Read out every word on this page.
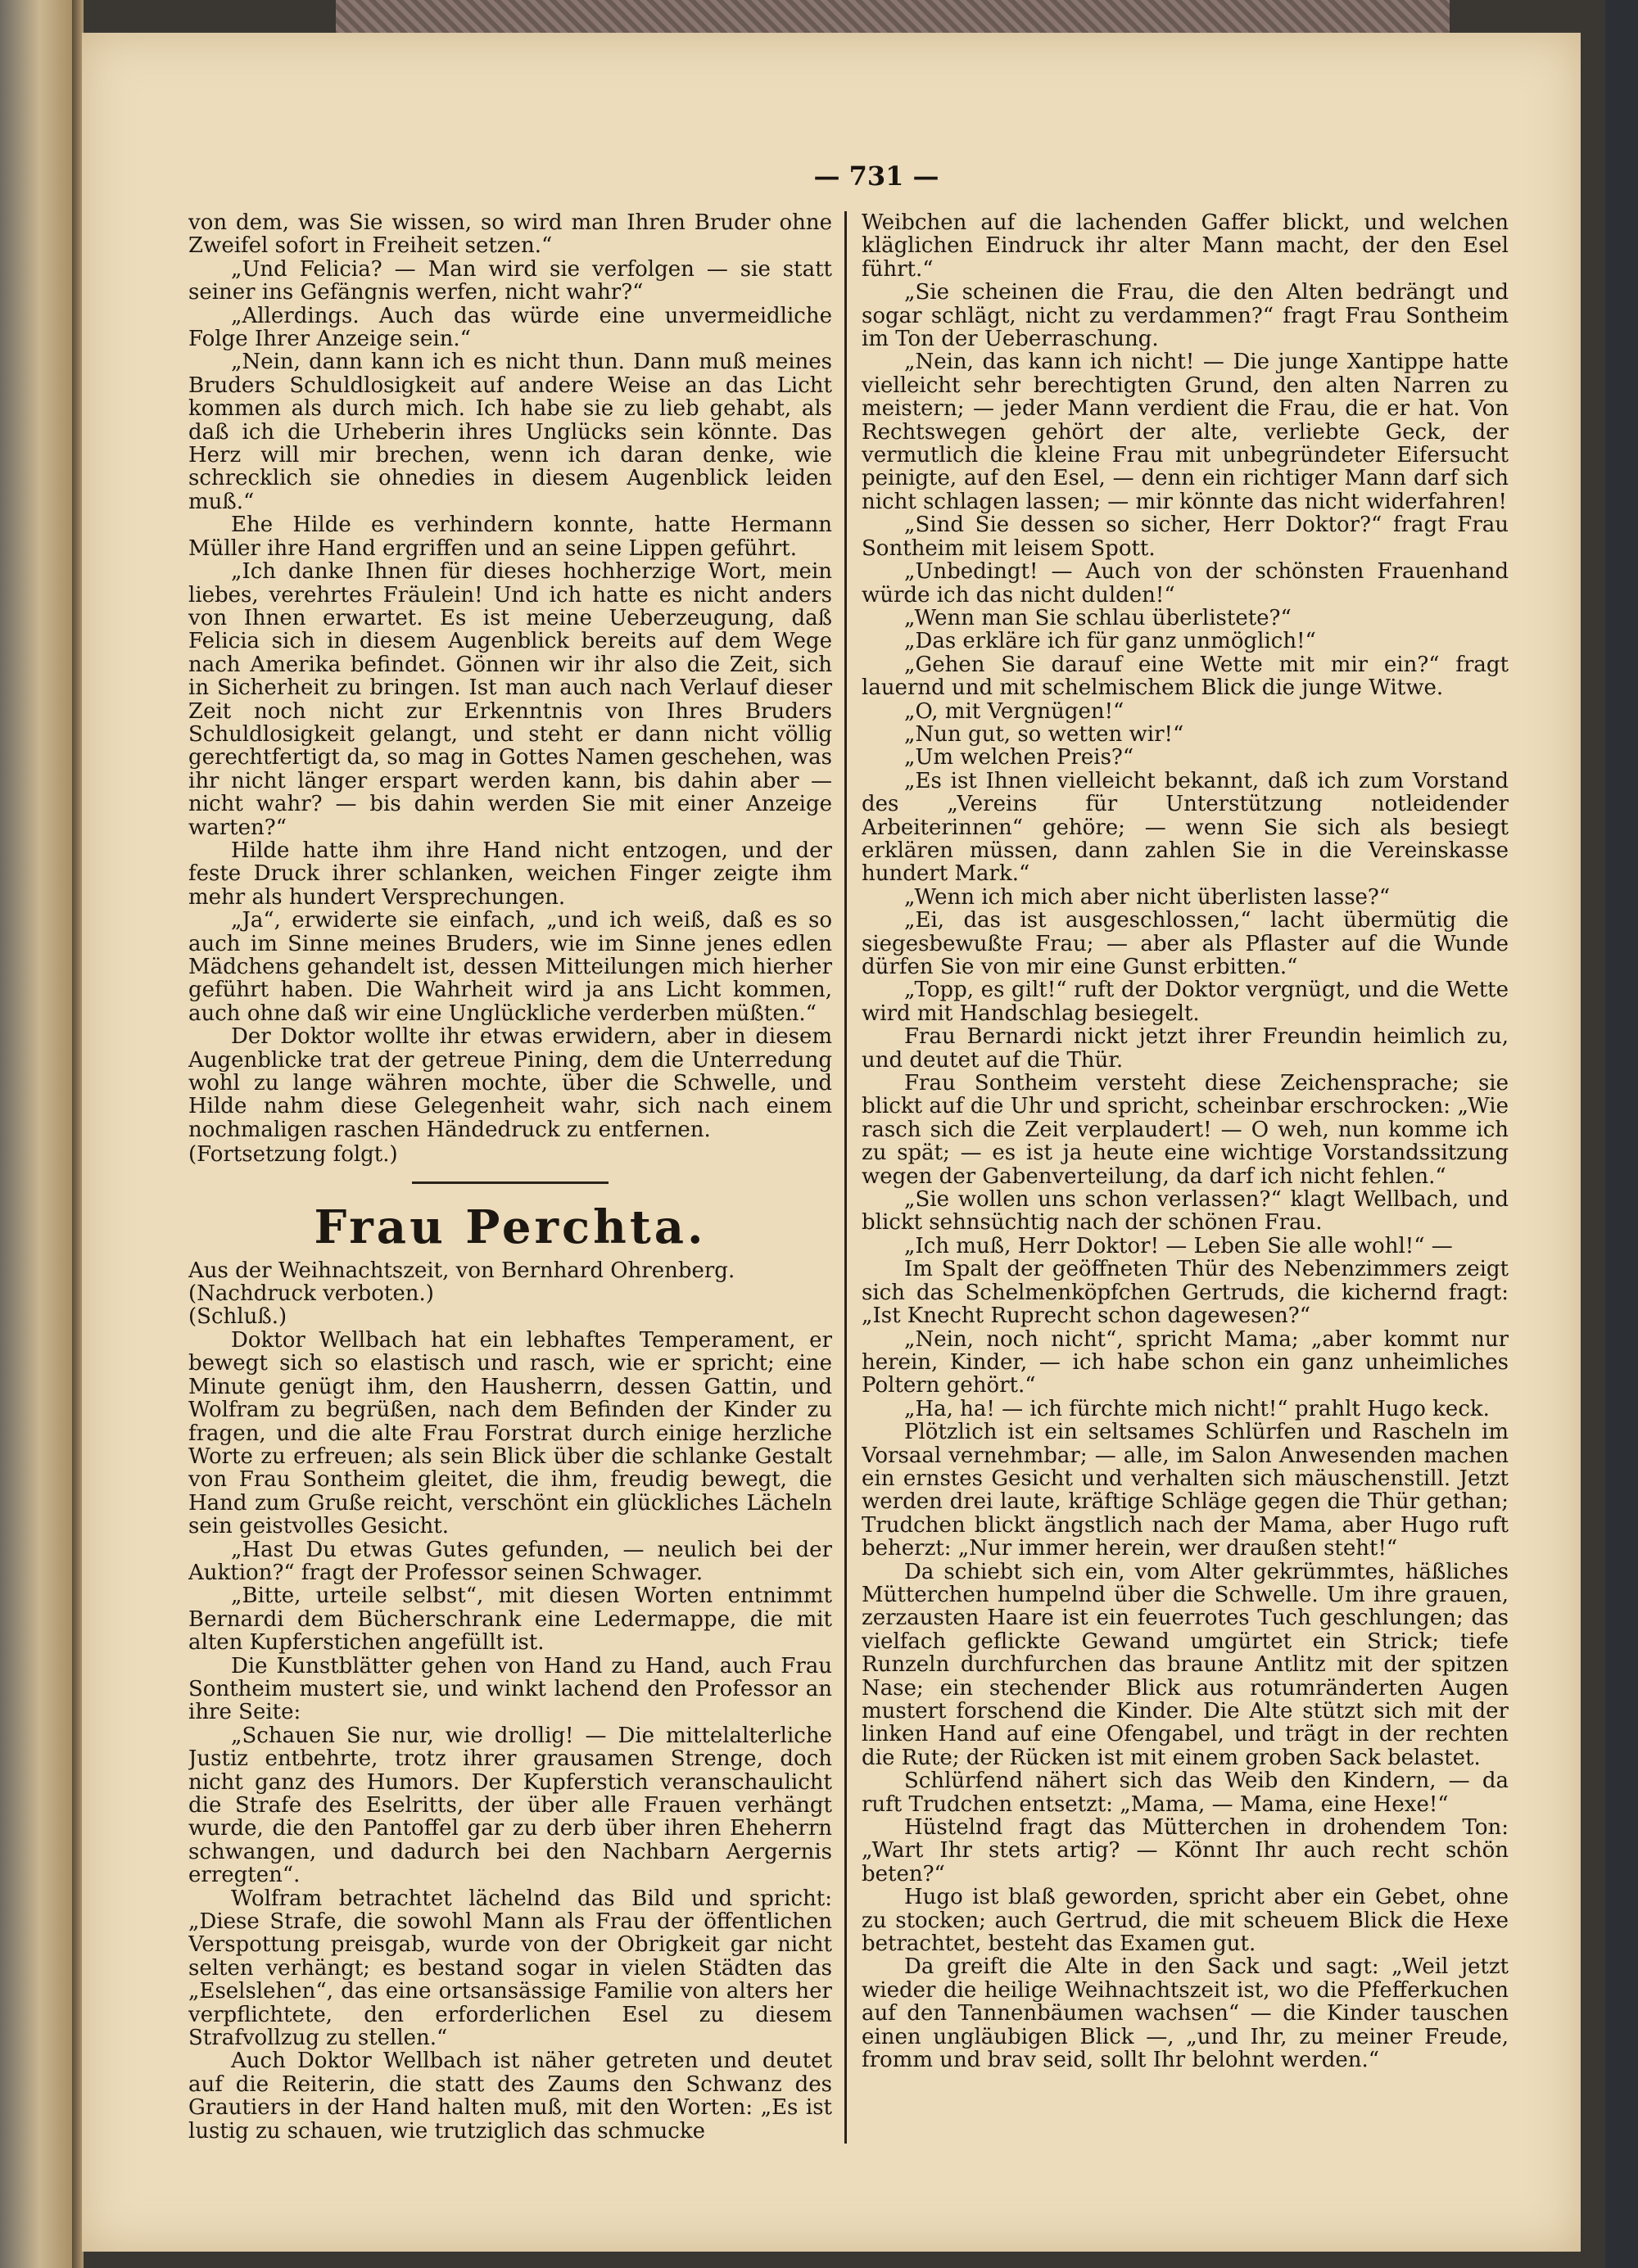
— 731 —

von dem, was Sie wissen, so wird man Ihren Bruder ohne Zweifel sofort in Freiheit setzen.“

„Und Felicia? — Man wird sie verfolgen — sie statt seiner ins Gefängnis werfen, nicht wahr?“

„Allerdings. Auch das würde eine unvermeidliche Folge Ihrer Anzeige sein.“

„Nein, dann kann ich es nicht thun. Dann muß meines Bruders Schuldlosigkeit auf andere Weise an das Licht kommen als durch mich. Ich habe sie zu lieb gehabt, als daß ich die Urheberin ihres Unglücks sein könnte. Das Herz will mir brechen, wenn ich daran denke, wie schrecklich sie ohnedies in diesem Augenblick leiden muß.“

Ehe Hilde es verhindern konnte, hatte Hermann Müller ihre Hand ergriffen und an seine Lippen geführt.

„Ich danke Ihnen für dieses hochherzige Wort, mein liebes, verehrtes Fräulein! Und ich hatte es nicht anders von Ihnen erwartet. Es ist meine Ueberzeugung, daß Felicia sich in diesem Augenblick bereits auf dem Wege nach Amerika befindet. Gönnen wir ihr also die Zeit, sich in Sicherheit zu bringen. Ist man auch nach Verlauf dieser Zeit noch nicht zur Erkenntnis von Ihres Bruders Schuldlosigkeit gelangt, und steht er dann nicht völlig gerechtfertigt da, so mag in Gottes Namen geschehen, was ihr nicht länger erspart werden kann, bis dahin aber — nicht wahr? — bis dahin werden Sie mit einer Anzeige warten?“

Hilde hatte ihm ihre Hand nicht entzogen, und der feste Druck ihrer schlanken, weichen Finger zeigte ihm mehr als hundert Versprechungen.

„Ja“, erwiderte sie einfach, „und ich weiß, daß es so auch im Sinne meines Bruders, wie im Sinne jenes edlen Mädchens gehandelt ist, dessen Mitteilungen mich hierher geführt haben. Die Wahrheit wird ja ans Licht kommen, auch ohne daß wir eine Unglückliche verderben müßten.“

Der Doktor wollte ihr etwas erwidern, aber in diesem Augenblicke trat der getreue Pining, dem die Unterredung wohl zu lange währen mochte, über die Schwelle, und Hilde nahm diese Gelegenheit wahr, sich nach einem nochmaligen raschen Händedruck zu entfernen.

(Fortsetzung folgt.)

Frau Perchta.

Aus der Weihnachtszeit, von Bernhard Ohrenberg.

(Nachdruck verboten.)

(Schluß.)

Doktor Wellbach hat ein lebhaftes Temperament, er bewegt sich so elastisch und rasch, wie er spricht; eine Minute genügt ihm, den Hausherrn, dessen Gattin, und Wolfram zu begrüßen, nach dem Befinden der Kinder zu fragen, und die alte Frau Forstrat durch einige herzliche Worte zu erfreuen; als sein Blick über die schlanke Gestalt von Frau Sontheim gleitet, die ihm, freudig bewegt, die Hand zum Gruße reicht, verschönt ein glückliches Lächeln sein geistvolles Gesicht.

„Hast Du etwas Gutes gefunden, — neulich bei der Auktion?“ fragt der Professor seinen Schwager.

„Bitte, urteile selbst“, mit diesen Worten entnimmt Bernardi dem Bücherschrank eine Ledermappe, die mit alten Kupferstichen angefüllt ist.

Die Kunstblätter gehen von Hand zu Hand, auch Frau Sontheim mustert sie, und winkt lachend den Professor an ihre Seite:

„Schauen Sie nur, wie drollig! — Die mittelalterliche Justiz entbehrte, trotz ihrer grausamen Strenge, doch nicht ganz des Humors. Der Kupferstich veranschaulicht die Strafe des Eselritts, der über alle Frauen verhängt wurde, die den Pantoffel gar zu derb über ihren Eheherrn schwangen, und dadurch bei den Nachbarn Aergernis erregten“.

Wolfram betrachtet lächelnd das Bild und spricht: „Diese Strafe, die sowohl Mann als Frau der öffentlichen Verspottung preisgab, wurde von der Obrigkeit gar nicht selten verhängt; es bestand sogar in vielen Städten das „Eselslehen“, das eine ortsansässige Familie von alters her verpflichtete, den erforderlichen Esel zu diesem Strafvollzug zu stellen.“

Auch Doktor Wellbach ist näher getreten und deutet auf die Reiterin, die statt des Zaums den Schwanz des Grautiers in der Hand halten muß, mit den Worten: „Es ist lustig zu schauen, wie trutziglich das schmucke

Weibchen auf die lachenden Gaffer blickt, und welchen kläglichen Eindruck ihr alter Mann macht, der den Esel führt.“

„Sie scheinen die Frau, die den Alten bedrängt und sogar schlägt, nicht zu verdammen?“ fragt Frau Sontheim im Ton der Ueberraschung.

„Nein, das kann ich nicht! — Die junge Xantippe hatte vielleicht sehr berechtigten Grund, den alten Narren zu meistern; — jeder Mann verdient die Frau, die er hat. Von Rechtswegen gehört der alte, verliebte Geck, der vermutlich die kleine Frau mit unbegründeter Eifersucht peinigte, auf den Esel, — denn ein richtiger Mann darf sich nicht schlagen lassen; — mir könnte das nicht widerfahren!

„Sind Sie dessen so sicher, Herr Doktor?“ fragt Frau Sontheim mit leisem Spott.

„Unbedingt! — Auch von der schönsten Frauenhand würde ich das nicht dulden!“

„Wenn man Sie schlau überlistete?“

„Das erkläre ich für ganz unmöglich!“

„Gehen Sie darauf eine Wette mit mir ein?“ fragt lauernd und mit schelmischem Blick die junge Witwe.

„O, mit Vergnügen!“

„Nun gut, so wetten wir!“

„Um welchen Preis?“

„Es ist Ihnen vielleicht bekannt, daß ich zum Vorstand des „Vereins für Unterstützung notleidender Arbeiterinnen“ gehöre; — wenn Sie sich als besiegt erklären müssen, dann zahlen Sie in die Vereinskasse hundert Mark.“

„Wenn ich mich aber nicht überlisten lasse?“

„Ei, das ist ausgeschlossen,“ lacht übermütig die siegesbewußte Frau; — aber als Pflaster auf die Wunde dürfen Sie von mir eine Gunst erbitten.“

„Topp, es gilt!“ ruft der Doktor vergnügt, und die Wette wird mit Handschlag besiegelt.

Frau Bernardi nickt jetzt ihrer Freundin heimlich zu, und deutet auf die Thür.

Frau Sontheim versteht diese Zeichensprache; sie blickt auf die Uhr und spricht, scheinbar erschrocken: „Wie rasch sich die Zeit verplaudert! — O weh, nun komme ich zu spät; — es ist ja heute eine wichtige Vorstandssitzung wegen der Gabenverteilung, da darf ich nicht fehlen.“

„Sie wollen uns schon verlassen?“ klagt Wellbach, und blickt sehnsüchtig nach der schönen Frau.

„Ich muß, Herr Doktor! — Leben Sie alle wohl!“ —

Im Spalt der geöffneten Thür des Nebenzimmers zeigt sich das Schelmenköpfchen Gertruds, die kichernd fragt: „Ist Knecht Ruprecht schon dagewesen?“

„Nein, noch nicht“, spricht Mama; „aber kommt nur herein, Kinder, — ich habe schon ein ganz unheimliches Poltern gehört.“

„Ha, ha! — ich fürchte mich nicht!“ prahlt Hugo keck.

Plötzlich ist ein seltsames Schlürfen und Rascheln im Vorsaal vernehmbar; — alle, im Salon Anwesenden machen ein ernstes Gesicht und verhalten sich mäuschenstill. Jetzt werden drei laute, kräftige Schläge gegen die Thür gethan; Trudchen blickt ängstlich nach der Mama, aber Hugo ruft beherzt: „Nur immer herein, wer draußen steht!“

Da schiebt sich ein, vom Alter gekrümmtes, häßliches Mütterchen humpelnd über die Schwelle. Um ihre grauen, zerzausten Haare ist ein feuerrotes Tuch geschlungen; das vielfach geflickte Gewand umgürtet ein Strick; tiefe Runzeln durchfurchen das braune Antlitz mit der spitzen Nase; ein stechender Blick aus rotumränderten Augen mustert forschend die Kinder. Die Alte stützt sich mit der linken Hand auf eine Ofengabel, und trägt in der rechten die Rute; der Rücken ist mit einem groben Sack belastet.

Schlürfend nähert sich das Weib den Kindern, — da ruft Trudchen entsetzt: „Mama, — Mama, eine Hexe!“

Hüstelnd fragt das Mütterchen in drohendem Ton: „Wart Ihr stets artig? — Könnt Ihr auch recht schön beten?“

Hugo ist blaß geworden, spricht aber ein Gebet, ohne zu stocken; auch Gertrud, die mit scheuem Blick die Hexe betrachtet, besteht das Examen gut.

Da greift die Alte in den Sack und sagt: „Weil jetzt wieder die heilige Weihnachtszeit ist, wo die Pfefferkuchen auf den Tannenbäumen wachsen“ — die Kinder tauschen einen ungläubigen Blick —, „und Ihr, zu meiner Freude, fromm und brav seid, sollt Ihr belohnt werden.“
